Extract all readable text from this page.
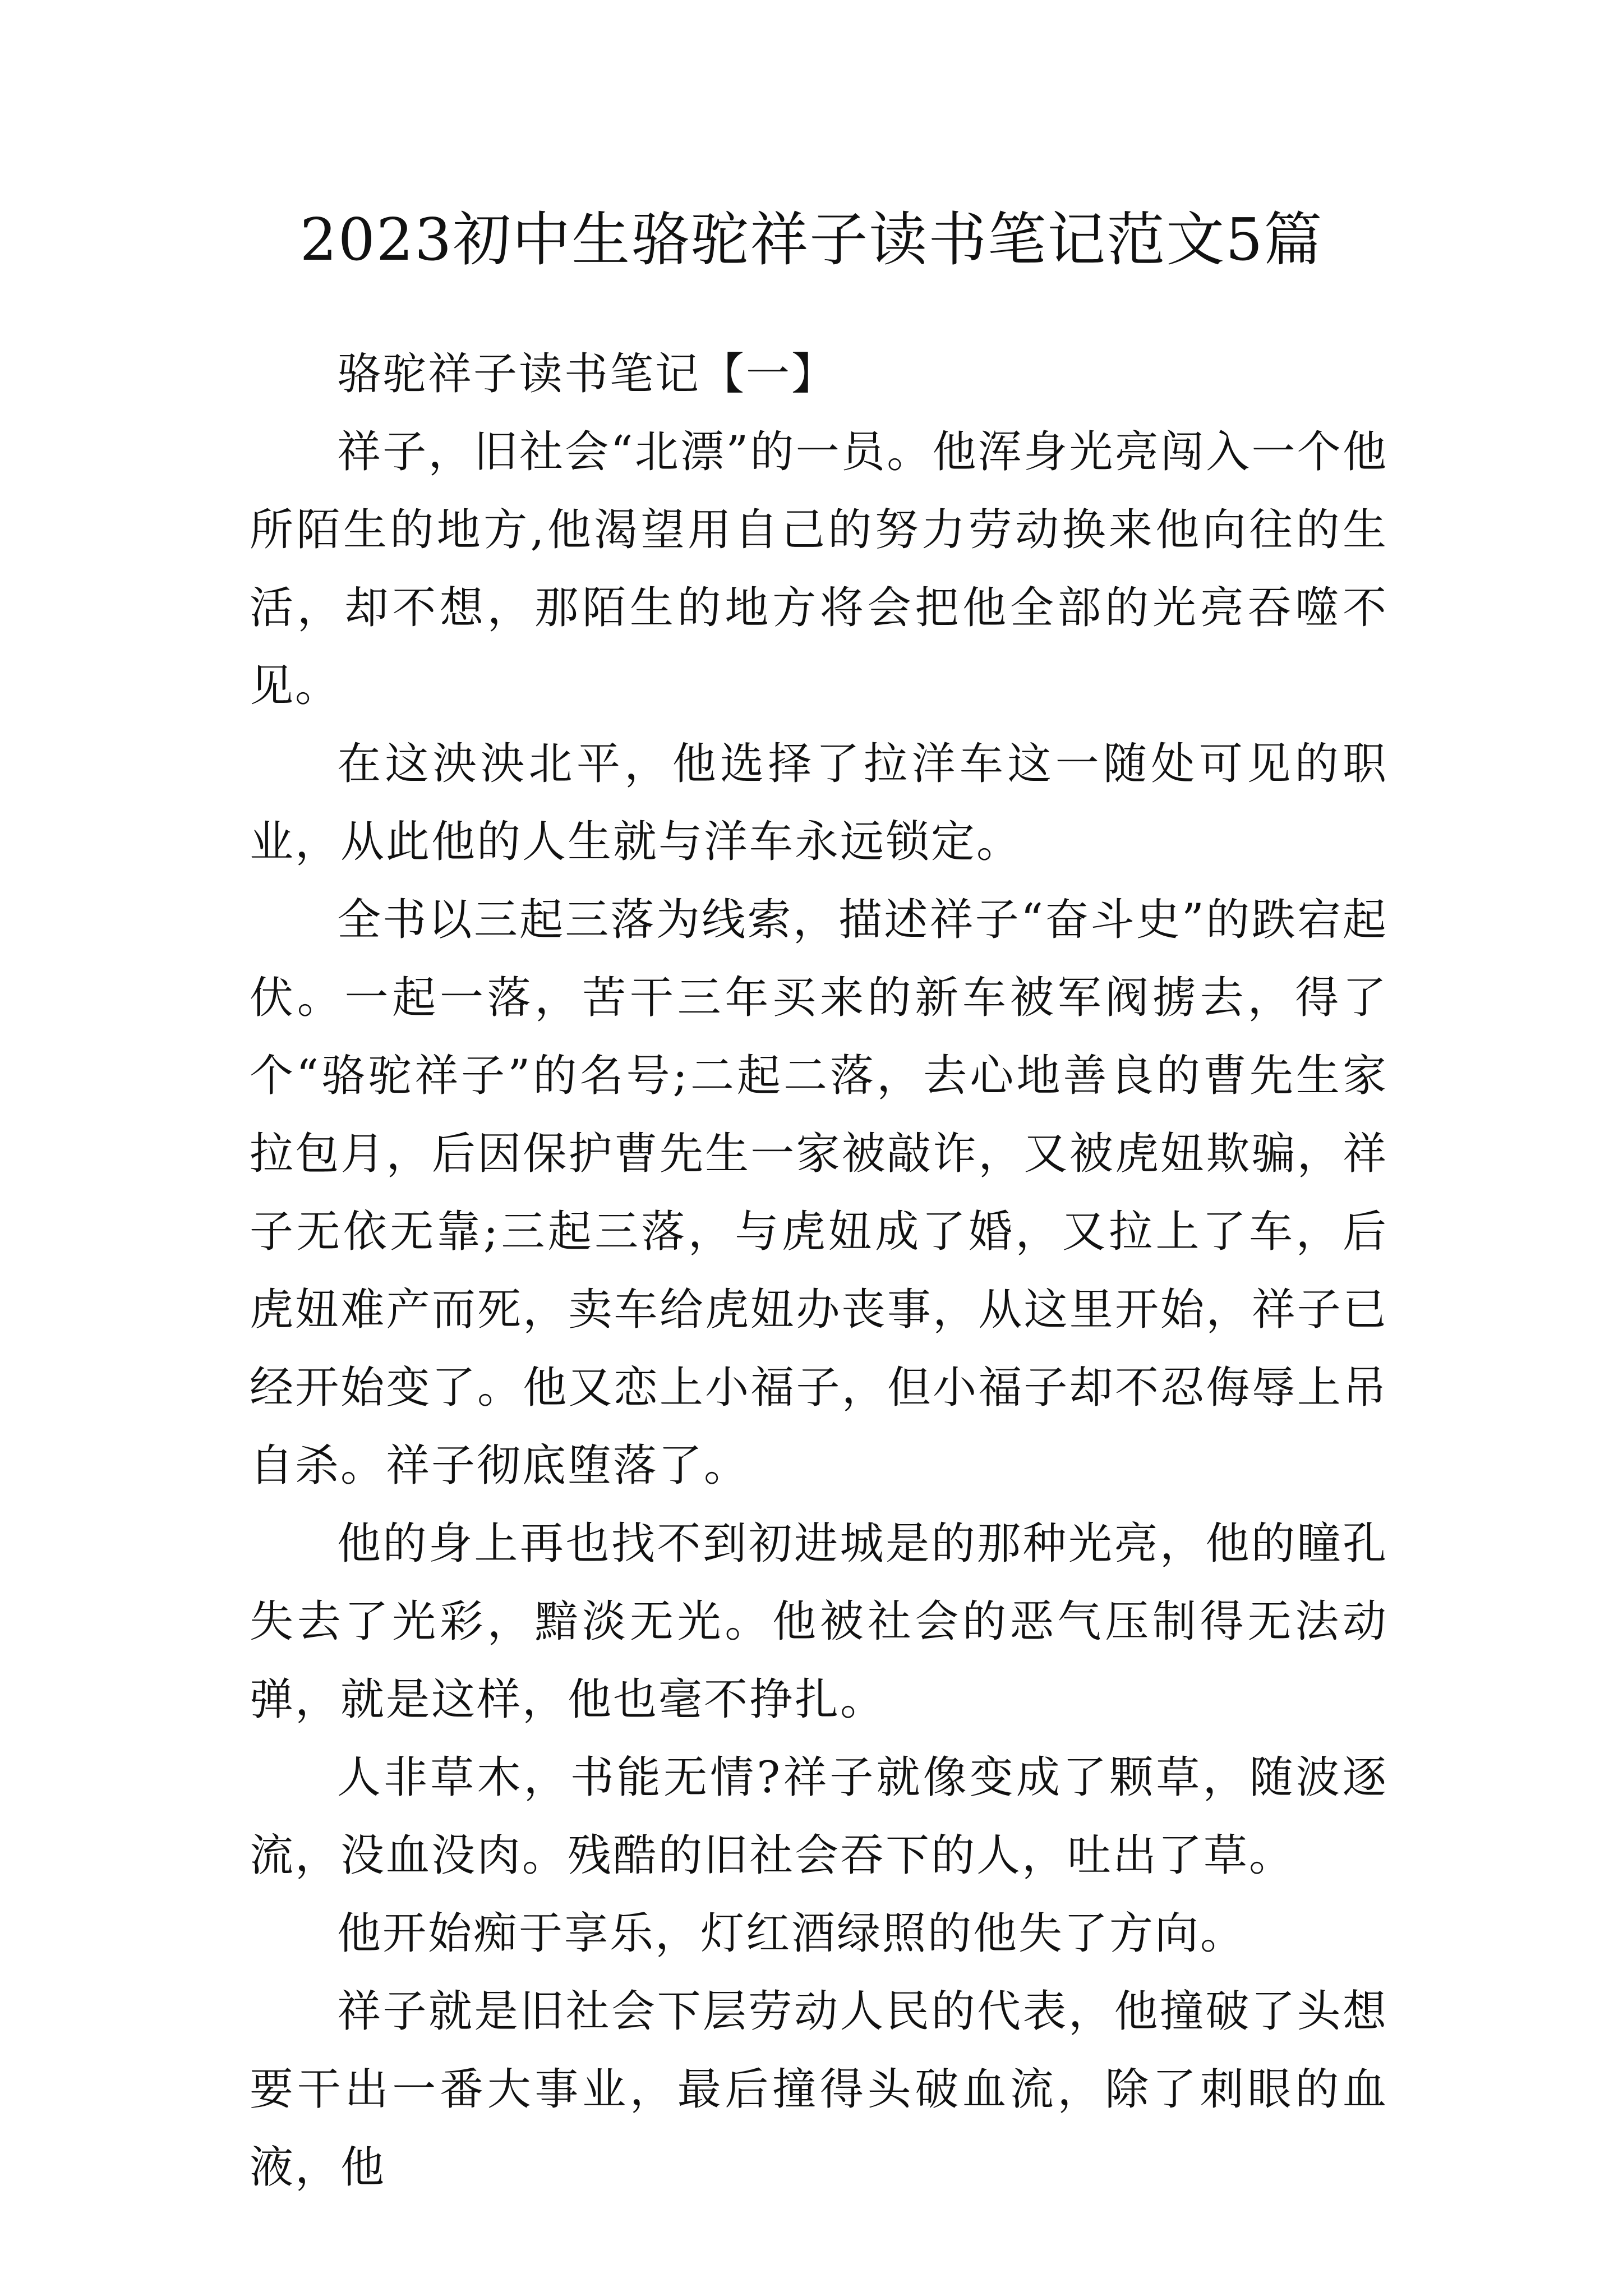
2023初中生骆驼祥子读书笔记范文5篇

骆驼祥子读书笔记【一】

祥子，旧社会“北漂”的一员。他浑身光亮闯入一个他所陌生的地方,他渴望用自己的努力劳动换来他向往的生活，却不想，那陌生的地方将会把他全部的光亮吞噬不见。

在这泱泱北平，他选择了拉洋车这一随处可见的职业，从此他的人生就与洋车永远锁定。

全书以三起三落为线索，描述祥子“奋斗史”的跌宕起伏。一起一落，苦干三年买来的新车被军阀掳去，得了个“骆驼祥子”的名号;二起二落，去心地善良的曹先生家拉包月，后因保护曹先生一家被敲诈，又被虎妞欺骗，祥子无依无靠;三起三落，与虎妞成了婚，又拉上了车，后虎妞难产而死，卖车给虎妞办丧事，从这里开始，祥子已经开始变了。他又恋上小福子，但小福子却不忍侮辱上吊自杀。祥子彻底堕落了。

他的身上再也找不到初进城是的那种光亮，他的瞳孔失去了光彩，黯淡无光。他被社会的恶气压制得无法动弹，就是这样，他也毫不挣扎。

人非草木，书能无情?祥子就像变成了颗草，随波逐流，没血没肉。残酷的旧社会吞下的人，吐出了草。

他开始痴于享乐，灯红酒绿照的他失了方向。

祥子就是旧社会下层劳动人民的代表，他撞破了头想要干出一番大事业，最后撞得头破血流，除了刺眼的血液，他
